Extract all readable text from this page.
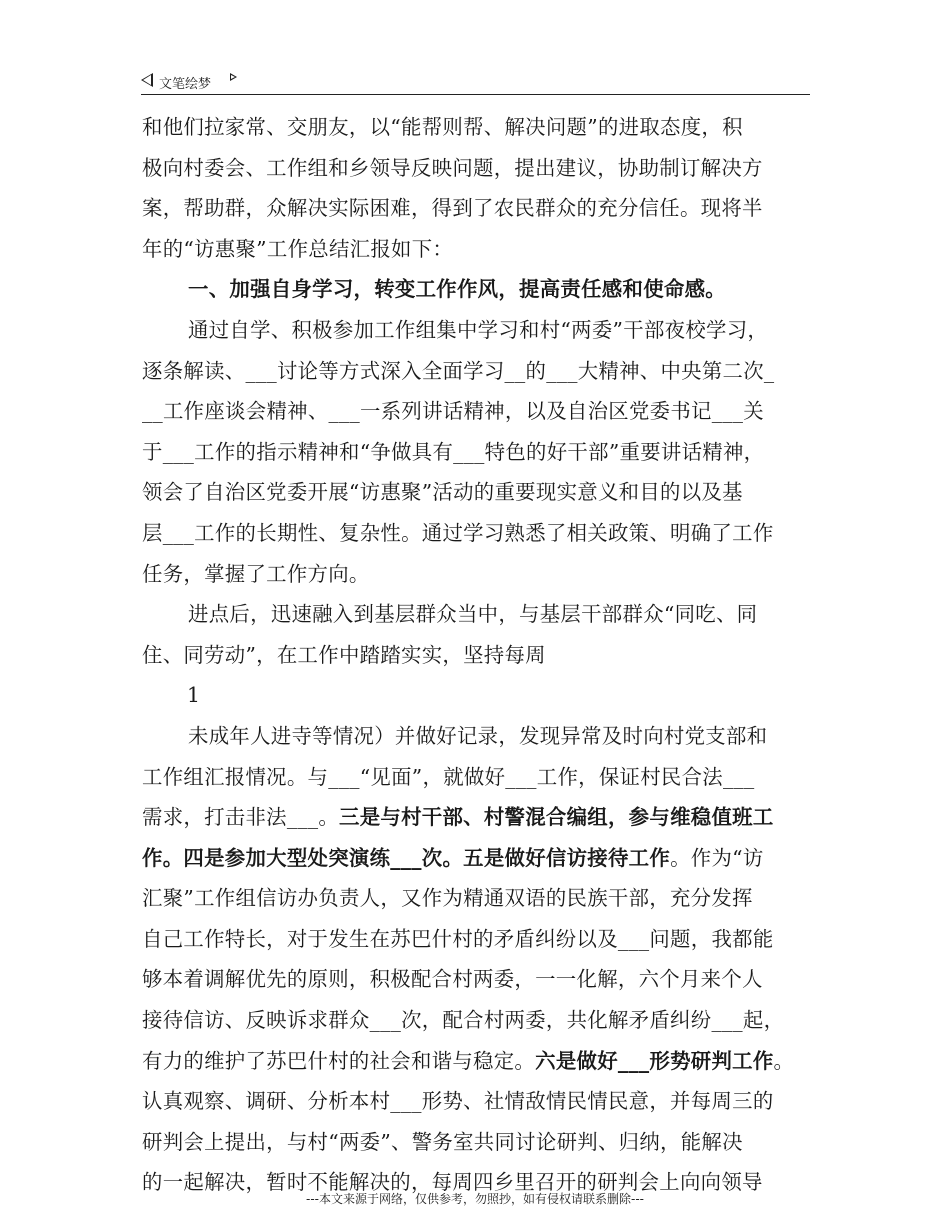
文笔绘梦
和他们拉家常、交朋友，以“能帮则帮、解决问题”的进取态度，积
极向村委会、工作组和乡领导反映问题，提出建议，协助制订解决方
案，帮助群，众解决实际困难，得到了农民群众的充分信任。现将半
年的“访惠聚”工作总结汇报如下：
一、加强自身学习，转变工作作风，提高责任感和使命感。
通过自学、积极参加工作组集中学习和村“两委”干部夜校学习，
逐条解读、___讨论等方式深入全面学习__的___大精神、中央第二次_
__工作座谈会精神、___一系列讲话精神，以及自治区党委书记___关
于___工作的指示精神和“争做具有___特色的好干部”重要讲话精神，
领会了自治区党委开展“访惠聚”活动的重要现实意义和目的以及基
层___工作的长期性、复杂性。通过学习熟悉了相关政策、明确了工作
任务，掌握了工作方向。
进点后，迅速融入到基层群众当中，与基层干部群众“同吃、同
住、同劳动”，在工作中踏踏实实，坚持每周
1
未成年人进寺等情况）并做好记录，发现异常及时向村党支部和
工作组汇报情况。与___“见面”，就做好___工作，保证村民合法___
需求，打击非法___。三是与村干部、村警混合编组，参与维稳值班工
作。四是参加大型处突演练___次。五是做好信访接待工作。作为“访
汇聚”工作组信访办负责人，又作为精通双语的民族干部，充分发挥
自己工作特长，对于发生在苏巴什村的矛盾纠纷以及___问题，我都能
够本着调解优先的原则，积极配合村两委，一一化解，六个月来个人
接待信访、反映诉求群众___次，配合村两委，共化解矛盾纠纷___起，
有力的维护了苏巴什村的社会和谐与稳定。六是做好___形势研判工作。
认真观察、调研、分析本村___形势、社情敌情民情民意，并每周三的
研判会上提出，与村“两委”、警务室共同讨论研判、归纳，能解决
的一起解决，暂时不能解决的，每周四乡里召开的研判会上向向领导
---本文来源于网络，仅供参考，勿照抄，如有侵权请联系删除---
